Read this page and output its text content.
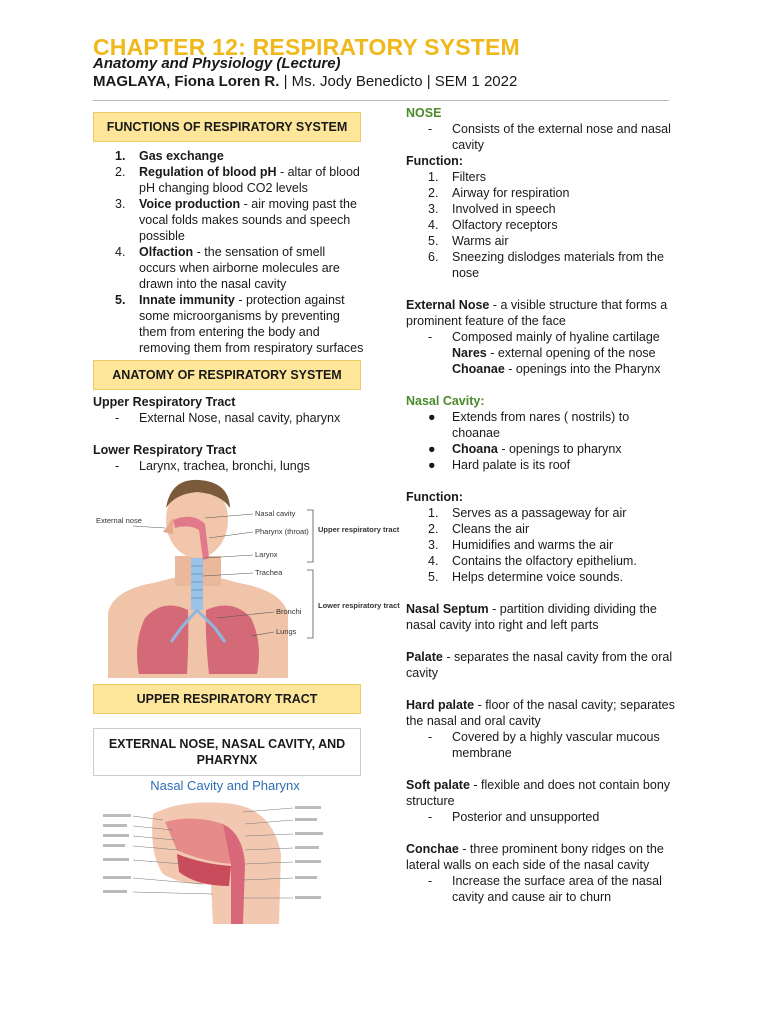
CHAPTER 12: RESPIRATORY SYSTEM
Anatomy and Physiology (Lecture)
MAGLAYA, Fiona Loren R. | Ms. Jody Benedicto | SEM 1 2022
FUNCTIONS OF RESPIRATORY SYSTEM
1. Gas exchange
2. Regulation of blood pH - altar of blood pH changing blood CO2 levels
3. Voice production - air moving past the vocal folds makes sounds and speech possible
4. Olfaction - the sensation of smell occurs when airborne molecules are drawn into the nasal cavity
5. Innate immunity - protection against some microorganisms by preventing them from entering the body and removing them from respiratory surfaces
ANATOMY OF RESPIRATORY SYSTEM
Upper Respiratory Tract
- External Nose, nasal cavity, pharynx
Lower Respiratory Tract
- Larynx, trachea, bronchi, lungs
External nose
Nasal cavity
Pharynx (throat)
Larynx
Trachea
Bronchi
Lungs
Upper respiratory tract
Lower respiratory tract
UPPER RESPIRATORY TRACT
EXTERNAL NOSE, NASAL CAVITY, AND PHARYNX
Nasal Cavity and Pharynx
NOSE
- Consists of the external nose and nasal cavity
Function:
1. Filters
2. Airway for respiration
3. Involved in speech
4. Olfactory receptors
5. Warms air
6. Sneezing dislodges materials from the nose
External Nose - a visible structure that forms a prominent feature of the face
- Composed mainly of hyaline cartilage
Nares - external opening of the nose
Choanae - openings into the Pharynx
Nasal Cavity:
● Extends from nares ( nostrils) to choanae
● Choana - openings to pharynx
● Hard palate is its roof
Function:
1. Serves as a passageway for air
2. Cleans the air
3. Humidifies and warms the air
4. Contains the olfactory epithelium.
5. Helps determine voice sounds.
Nasal Septum - partition dividing dividing the nasal cavity into right and left parts
Palate - separates the nasal cavity from the oral cavity
Hard palate - floor of the nasal cavity; separates the nasal and oral cavity
- Covered by a highly vascular mucous membrane
Soft palate - flexible and does not contain bony structure
- Posterior and unsupported
Conchae - three prominent bony ridges on the lateral walls on each side of the nasal cavity
- Increase the surface area of the nasal cavity and cause air to churn
